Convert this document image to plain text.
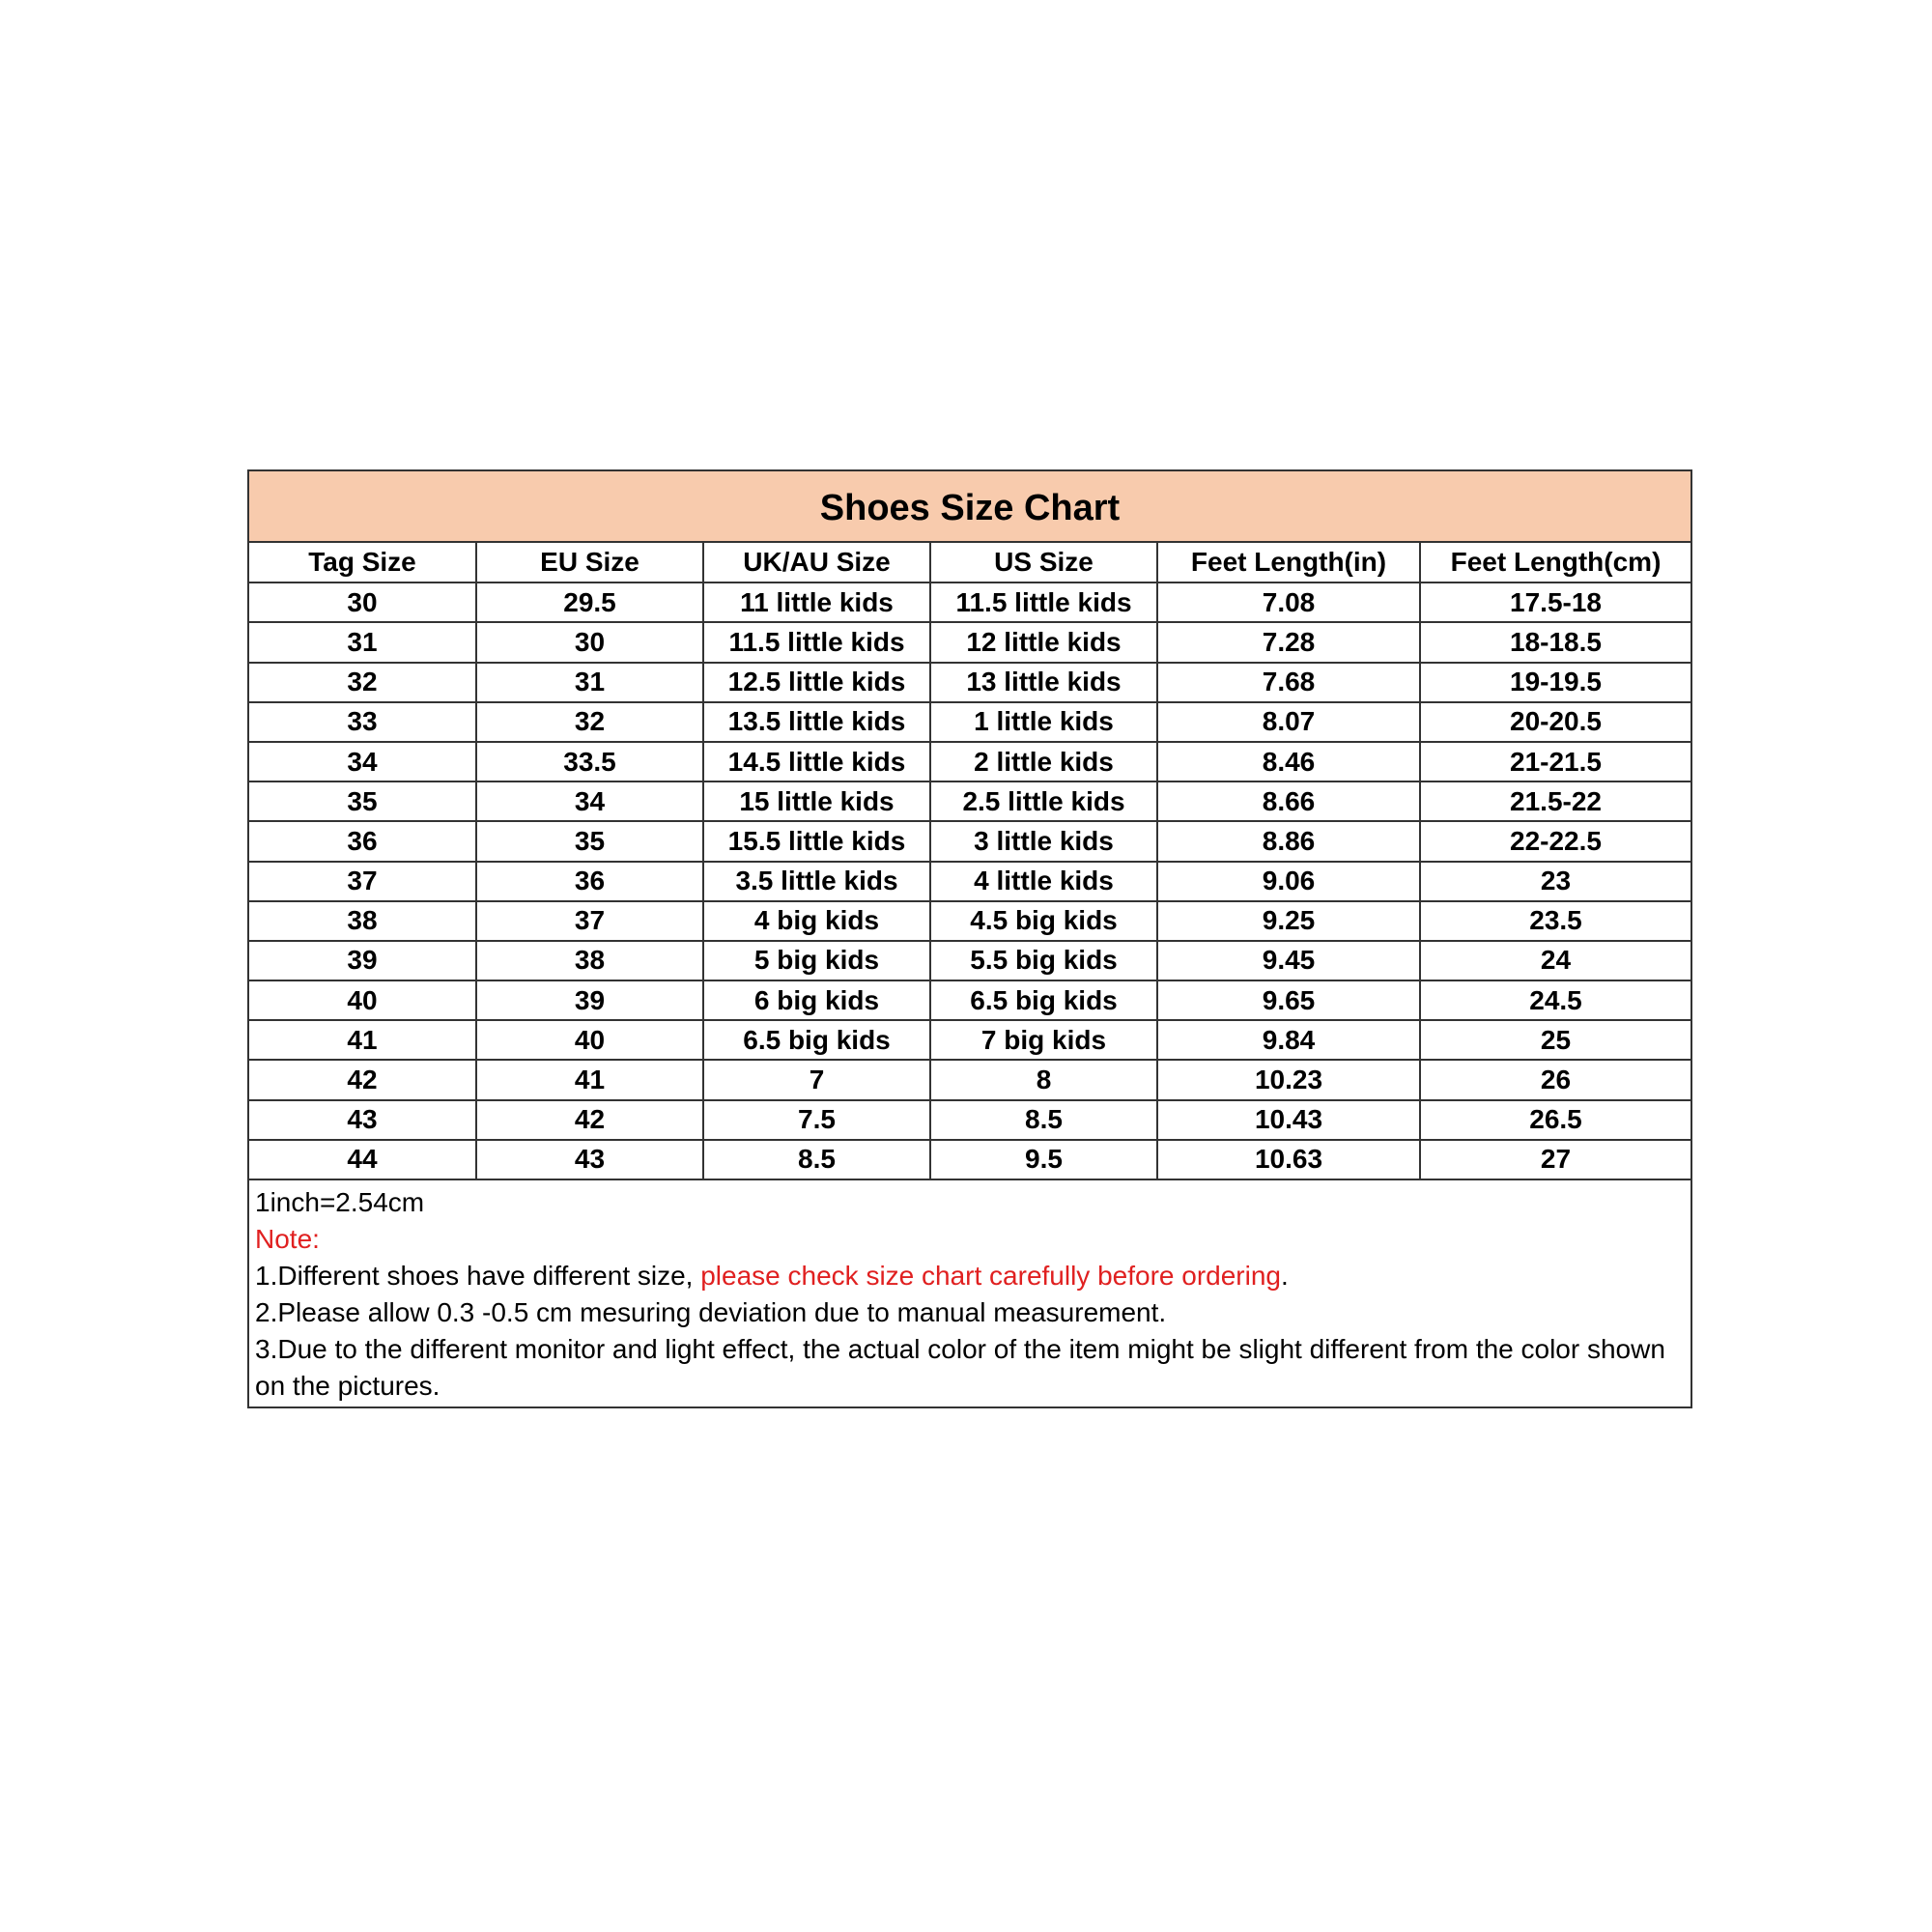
Shoes Size Chart
Tag Size	EU Size	UK/AU Size	US Size	Feet Length(in)	Feet Length(cm)
30	29.5	11 little kids	11.5 little kids	7.08	17.5-18
31	30	11.5 little kids	12 little kids	7.28	18-18.5
32	31	12.5 little kids	13 little kids	7.68	19-19.5
33	32	13.5 little kids	1 little kids	8.07	20-20.5
34	33.5	14.5 little kids	2 little kids	8.46	21-21.5
35	34	15 little kids	2.5 little kids	8.66	21.5-22
36	35	15.5 little kids	3 little kids	8.86	22-22.5
37	36	3.5 little kids	4 little kids	9.06	23
38	37	4 big kids	4.5 big kids	9.25	23.5
39	38	5 big kids	5.5 big kids	9.45	24
40	39	6 big kids	6.5 big kids	9.65	24.5
41	40	6.5 big kids	7 big kids	9.84	25
42	41	7	8	10.23	26
43	42	7.5	8.5	10.43	26.5
44	43	8.5	9.5	10.63	27

1inch=2.54cm

Note:

1.Different shoes have different size, please check size chart carefully before ordering.

2.Please allow 0.3 -0.5 cm mesuring deviation due to manual measurement.

3.Due to the different monitor and light effect, the actual color of the item might be slight different from the color shown on the pictures.
